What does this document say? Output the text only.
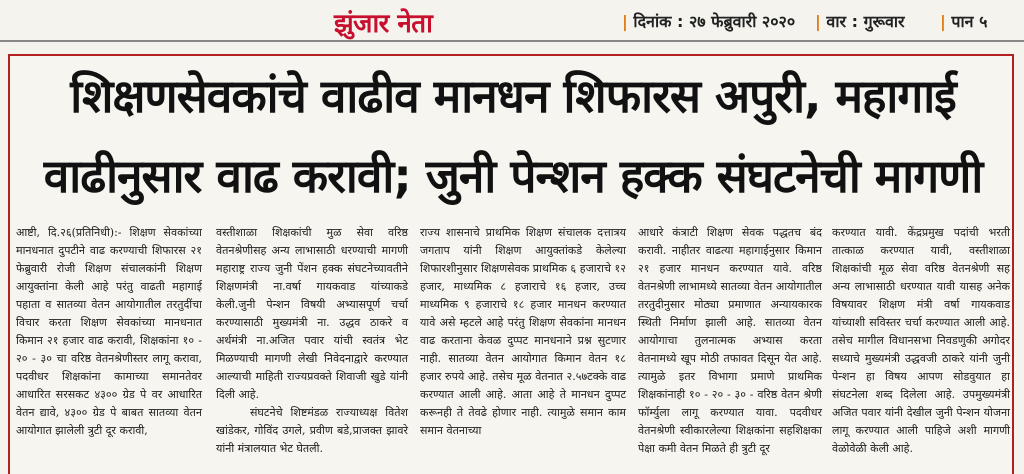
झुंजार नेता	| दिनांक : २७ फेब्रुवारी २०२० | वार : गुरूवार | पान ५
शिक्षणसेवकांचे वाढीव मानधन शिफारस अपुरी, महागाई
वाढीनुसार वाढ करावी; जुनी पेन्शन हक्क संघटनेची मागणी

आष्टी, दि.२६(प्रतिनिधी):- शिक्षण सेवकांच्या मानधनात दुपटीने वाढ करण्याची शिफारस २१ फेब्रुवारी रोजी शिक्षण संचालकांनी शिक्षण आयुक्तांना केली आहे परंतु वाढती महागाई पहाता व सातव्या वेतन आयोगातील तरतुदींचा विचार करता शिक्षण सेवकांच्या मानधनात किमान २१ हजार वाढ करावी, शिक्षकांना १० - २० - ३० चा वरिष्ठ वेतनश्रेणीस्तर लागू करावा, पदवीधर शिक्षकांना कामाच्या समानतेवर आधारित सरसकट ४३०० ग्रेड पे वर आधारित वेतन द्यावे, ४३०० ग्रेड पे बाबत सातव्या वेतन आयोगात झालेली त्रुटी दूर करावी,

वस्तीशाळा शिक्षकांची मुळ सेवा वरिष्ठ वेतनश्रेणीसह अन्य लाभासाठी धरण्याची मागणी महाराष्ट्र राज्य जुनी पेंशन हक्क संघटनेच्यावतीने शिक्षणमंत्री ना.वर्षा गायकवाड यांच्याकडे केली.जुनी पेन्शन विषयी अभ्यासपूर्ण चर्चा करण्यासाठी मुख्यमंत्री ना. उद्धव ठाकरे व अर्थमंत्री ना.अजित पवार यांची स्वतंत्र भेट मिळण्याची मागणी लेखी निवेदनाद्वारे करण्यात आल्याची माहिती राज्यप्रवक्ते शिवाजी खुडे यांनी दिली आहे.

संघटनेचे शिष्टमंडळ राज्याध्यक्ष वितेश खांडेकर, गोविंद उगले, प्रवीण बडे,प्राजक्त झावरे यांनी मंत्रालयात भेट घेतली.

राज्य शासनाचे प्राथमिक शिक्षण संचालक दत्तात्रय जगताप यांनी शिक्षण आयुक्तांकडे केलेल्या शिफारशीनुसार शिक्षणसेवक प्राथमिक ६ हजाराचे १२ हजार, माध्यमिक ८ हजाराचे १६ हजार, उच्च माध्यमिक ९ हजाराचे १८ हजार मानधन करण्यात यावे असे म्हटले आहे परंतु शिक्षण सेवकांना मानधन वाढ करताना केवळ दुप्पट मानधनाने प्रश्न सुटणार नाही. सातव्या वेतन आयोगात किमान वेतन १८ हजार रुपये आहे. तसेच मूळ वेतनात २.५७टक्के वाढ करण्यात आली आहे. आता आहे ते मानधन दुप्पट करूनही ते तेवढे होणार नाही. त्यामुळे समान काम समान वेतनाच्या

आधारे कंत्राटी शिक्षण सेवक पद्धतच बंद करावी. नाहीतर वाढत्या महागाईनुसार किमान २१ हजार मानधन करण्यात यावे. वरिष्ठ वेतनश्रेणी लाभामध्ये सातव्या वेतन आयोगातील तरतुदीनुसार मोठ्या प्रमाणात अन्यायकारक स्थिती निर्माण झाली आहे. सातव्या वेतन आयोगाचा तुलनात्मक अभ्यास करता वेतनामध्ये खूप मोठी तफावत दिसून येत आहे. त्यामुळे इतर विभागा प्रमाणे प्राथमिक शिक्षकांनाही १० - २० - ३० - वरिष्ठ वेतन श्रेणी फॉर्म्युला लागू करण्यात यावा. पदवीधर वेतनश्रेणी स्वीकारलेल्या शिक्षकांना सहशिक्षका पेक्षा कमी वेतन मिळते ही त्रुटी दूर

करण्यात यावी. केंद्रप्रमुख पदांची भरती तात्काळ करण्यात यावी, वस्तीशाळा शिक्षकांची मूळ सेवा वरिष्ठ वेतनश्रेणी सह अन्य लाभासाठी धरण्यात यावी यासह अनेक विषयावर शिक्षण मंत्री वर्षा गायकवाड यांच्याशी सविस्तर चर्चा करण्यात आली आहे. तसेच मागील विधानसभा निवडणुकी अगोदर सध्याचे मुख्यमंत्री उद्धवजी ठाकरे यांनी जुनी पेन्शन हा विषय आपण सोडवुयात हा संघटनेला शब्द दिलेला आहे. उपमुख्यमंत्री अजित पवार यांनी देखील जुनी पेन्शन योजना लागू करण्यात आली पाहिजे अशी मागणी वेळोवेळी केली आहे.
